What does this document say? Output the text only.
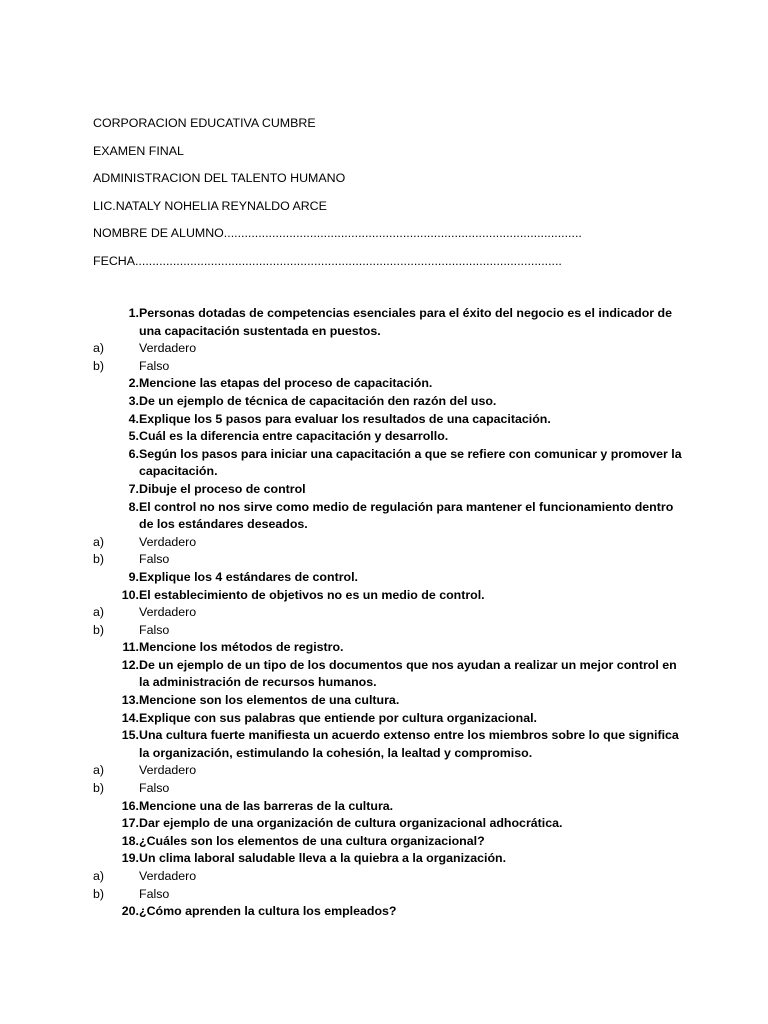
CORPORACION EDUCATIVA CUMBRE
EXAMEN FINAL
ADMINISTRACION DEL TALENTO HUMANO
LIC.NATALY NOHELIA REYNALDO ARCE
NOMBRE DE ALUMNO........................................................................................................
FECHA............................................................................................................................
1. Personas dotadas de competencias esenciales para el éxito del negocio es el indicador de una capacitación sustentada en puestos.
a)	Verdadero
b)	Falso
2. Mencione las etapas del proceso de capacitación.
3. De un ejemplo de técnica de capacitación den razón del uso.
4. Explique los 5 pasos para evaluar los resultados de una capacitación.
5. Cuál es la diferencia entre capacitación y desarrollo.
6. Según los pasos para iniciar una capacitación a que se refiere con comunicar y promover la capacitación.
7. Dibuje el proceso de control
8. El control no nos sirve como medio de regulación para mantener el funcionamiento dentro de los estándares deseados.
a)	Verdadero
b)	Falso
9. Explique los 4 estándares de control.
10. El establecimiento de objetivos no es un medio de control.
a)	Verdadero
b)	Falso
11. Mencione los métodos de registro.
12. De un ejemplo de un tipo de los documentos que nos ayudan a realizar un mejor control en la administración de recursos humanos.
13. Mencione son los elementos de una cultura.
14. Explique con sus palabras que entiende por cultura organizacional.
15. Una cultura fuerte manifiesta un acuerdo extenso entre los miembros sobre lo que significa la organización, estimulando la cohesión, la lealtad y compromiso.
a)	Verdadero
b)	Falso
16. Mencione una de las barreras de la cultura.
17. Dar ejemplo de una organización de cultura organizacional adhocrática.
18. ¿Cuáles son los elementos de una cultura organizacional?
19. Un clima laboral saludable lleva a la quiebra a la organización.
a)	Verdadero
b)	Falso
20. ¿Cómo aprenden la cultura los empleados?
